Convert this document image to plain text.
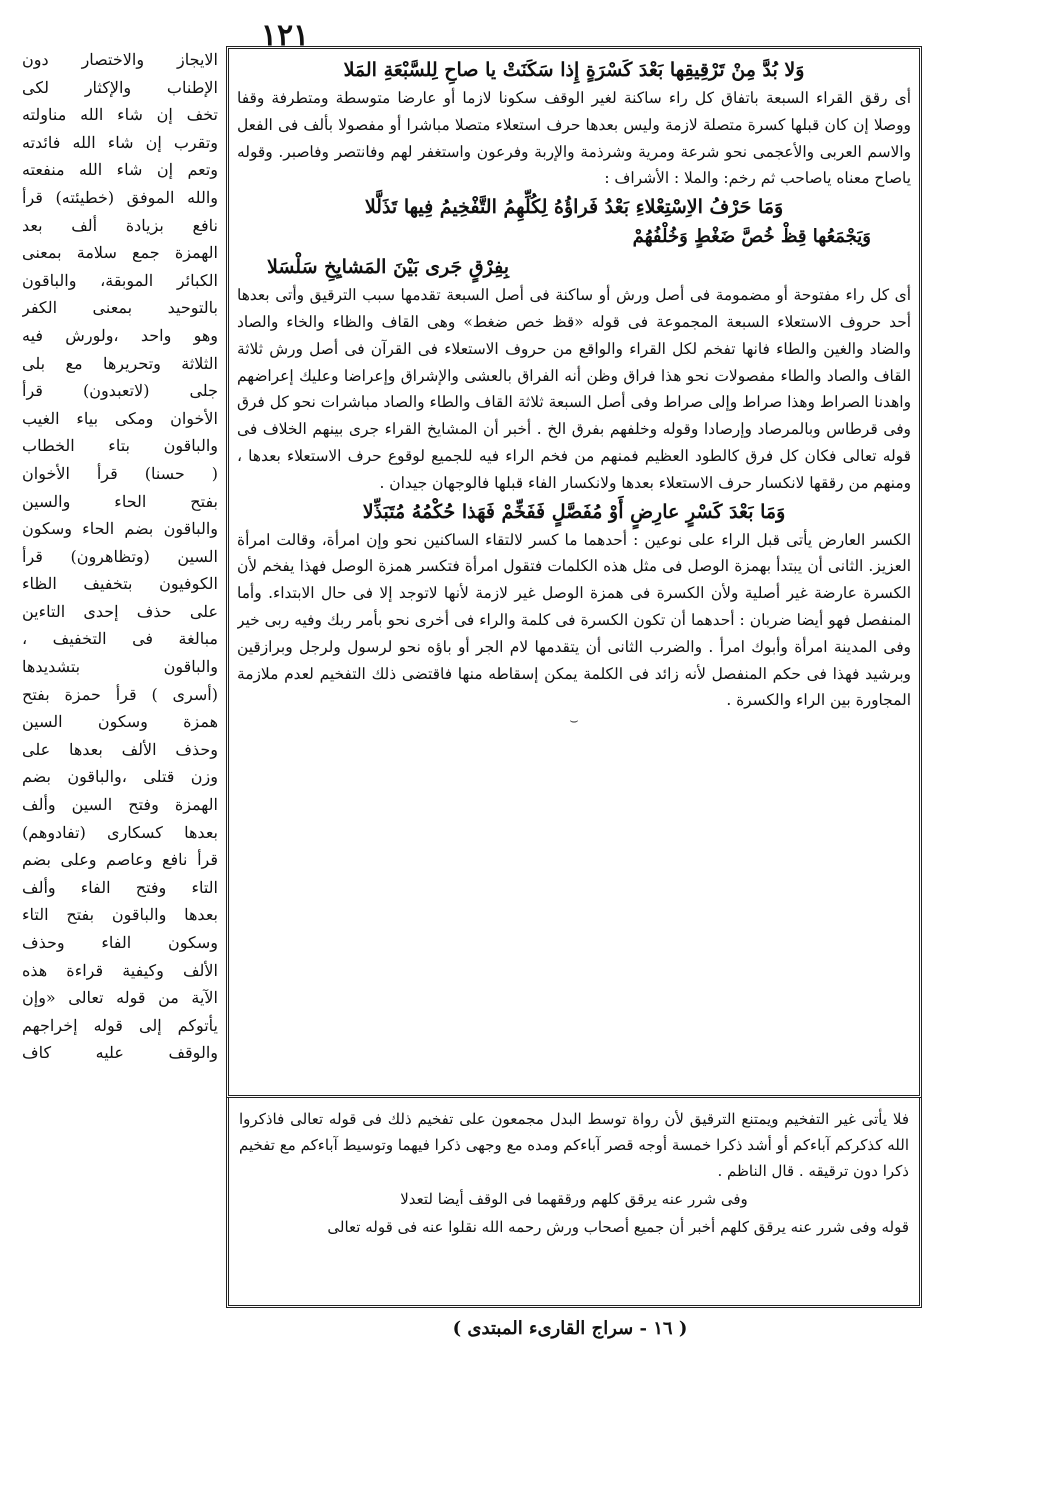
١٢١

وَلا بُدَّ مِنْ تَرْقِيقِها بَعْدَ كَسْرَةٍ إِذا سَكَنَتْ يا صاحِ لِلسَّبْعَةِ المَلا

أى رقق القراء السبعة باتفاق كل راء ساكنة لغير الوقف سكونا لازما أو عارضا متوسطة ومتطرفة وقفا ووصلا إن كان قبلها كسرة متصلة لازمة وليس بعدها حرف استعلاء متصلا مباشرا أو مفصولا بألف فى الفعل والاسم العربى والأعجمى نحو شرعة ومرية وشرذمة والإربة وفرعون واستغفر لهم وفانتصر وفاصبر. وقوله ياصاح معناه ياصاحب ثم رخم: والملا : الأشراف :

وَمَا حَرْفُ الاِسْتِعْلاءِ بَعْدُ فَراؤُهُ لِكُلِّهِمُ التَّفْخِيمُ فِيها تَذَلَّلا

وَيَجْمَعُها قِظْ خُصَّ ضَغْطٍ وَخُلْفُهُمْ

بِفِرْقٍ جَرى بَيْنَ المَشايِخِ سَلْسَلا

أى كل راء مفتوحة أو مضمومة فى أصل ورش أو ساكنة فى أصل السبعة تقدمها سبب الترقيق وأتى بعدها أحد حروف الاستعلاء السبعة المجموعة فى قوله «قظ خص ضغط» وهى القاف والظاء والخاء والصاد والضاد والغين والطاء فانها تفخم لكل القراء والواقع من حروف الاستعلاء فى القرآن فى أصل ورش ثلاثة القاف والصاد والطاء مفصولات نحو هذا فراق وظن أنه الفراق بالعشى والإشراق وإعراضا وعليك إعراضهم واهدنا الصراط وهذا صراط وإلى صراط وفى أصل السبعة ثلاثة القاف والطاء والصاد مباشرات نحو كل فرق وفى قرطاس وبالمرصاد وإرصادا وقوله وخلفهم بفرق الخ . أخبر أن المشايخ القراء جرى بينهم الخلاف فى قوله تعالى فكان كل فرق كالطود العظيم فمنهم من فخم الراء فيه للجميع لوقوع حرف الاستعلاء بعدها ، ومنهم من رققها لانكسار حرف الاستعلاء بعدها ولانكسار الفاء قبلها فالوجهان جيدان .

وَمَا بَعْدَ كَسْرٍ عارِضٍ أَوْ مُفَصَّلٍ فَفَخِّمْ فَهَذا حُكْمُهُ مُتَبَذِّلا

الكسر العارض يأتى قبل الراء على نوعين : أحدهما ما كسر لالتقاء الساكنين نحو وإن امرأة، وقالت امرأة العزيز. الثانى أن يبتدأ بهمزة الوصل فى مثل هذه الكلمات فتقول امرأة فتكسر همزة الوصل فهذا يفخم لأن الكسرة عارضة غير أصلية ولأن الكسرة فى همزة الوصل غير لازمة لأنها لاتوجد إلا فى حال الابتداء. وأما المنفصل فهو أيضا ضربان : أحدهما أن تكون الكسرة فى كلمة والراء فى أخرى نحو بأمر ربك وفيه ربى خير وفى المدينة امرأة وأبوك امرأ . والضرب الثانى أن يتقدمها لام الجر أو باؤه نحو لرسول ولرجل وبرازقين وبرشيد فهذا فى حكم المنفصل لأنه زائد فى الكلمة يمكن إسقاطه منها فاقتضى ذلك التفخيم لعدم ملازمة المجاورة بين الراء والكسرة .

⌣

فلا يأتى غير التفخيم ويمتنع الترقيق لأن رواة توسط البدل مجمعون على تفخيم ذلك فى قوله تعالى فاذكروا الله كذكركم آباءكم أو أشد ذكرا خمسة أوجه قصر آباءكم ومده مع وجهى ذكرا فيهما وتوسيط آباءكم مع تفخيم ذكرا دون ترقيقه . قال الناظم .

وفى شرر عنه يرقق كلهم ورققهما فى الوقف أيضا لتعدلا

قوله وفى شرر عنه يرقق كلهم أخبر أن جميع أصحاب ورش رحمه الله نقلوا عنه فى قوله تعالى

الايجاز والاختصار دون

الإطناب والإكثار لكى

تخف إن شاء الله مناولته

وتقرب إن شاء الله فائدته

وتعم إن شاء الله منفعته

والله الموفق (خطيئته) قرأ

نافع بزيادة ألف بعد

الهمزة جمع سلامة بمعنى

الكبائر الموبقة، والباقون

بالتوحيد بمعنى الكفر

وهو واحد ،ولورش فيه

الثلاثة وتحريرها مع بلى

جلى (لاتعبدون) قرأ

الأخوان ومكى بياء الغيب

والباقون بتاء الخطاب

( حسنا) قرأ الأخوان

بفتح الحاء والسين

والباقون بضم الحاء وسكون

السين (وتظاهرون) قرأ

الكوفيون بتخفيف الظاء

على حذف إحدى التاءين

مبالغة فى التخفيف ،

والباقون بتشديدها

(أسرى ) قرأ حمزة بفتح

همزة وسكون السين

وحذف الألف بعدها على

وزن قتلى ،والباقون بضم

الهمزة وفتح السين وألف

بعدها كسكارى (تفادوهم)

قرأ نافع وعاصم وعلى بضم

التاء وفتح الفاء وألف

بعدها والباقون بفتح التاء

وسكون الفاء وحذف

الألف وكيفية قراءة هذه

الآية من قوله تعالى «وإن

يأتوكم إلى قوله إخراجهم

والوقف عليه كاف

( ١٦ - سراج القارىء المبتدى )
